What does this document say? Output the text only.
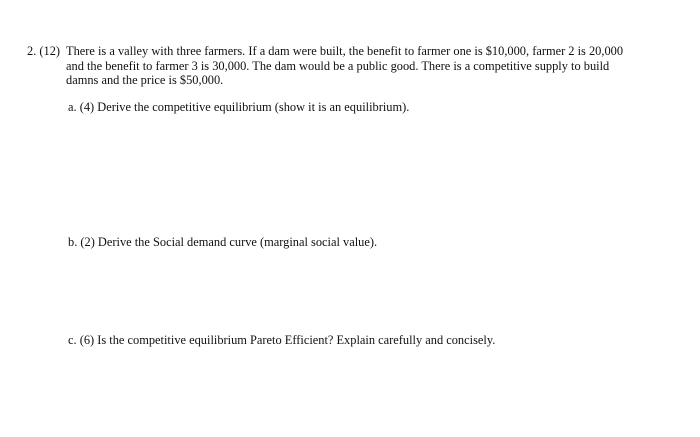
2. (12) There is a valley with three farmers. If a dam were built, the benefit to farmer one is $10,000, farmer 2 is 20,000
and the benefit to farmer 3 is 30,000. The dam would be a public good. There is a competitive supply to build
damns and the price is $50,000.
a. (4) Derive the competitive equilibrium (show it is an equilibrium).
b. (2) Derive the Social demand curve (marginal social value).
c. (6) Is the competitive equilibrium Pareto Efficient? Explain carefully and concisely.
